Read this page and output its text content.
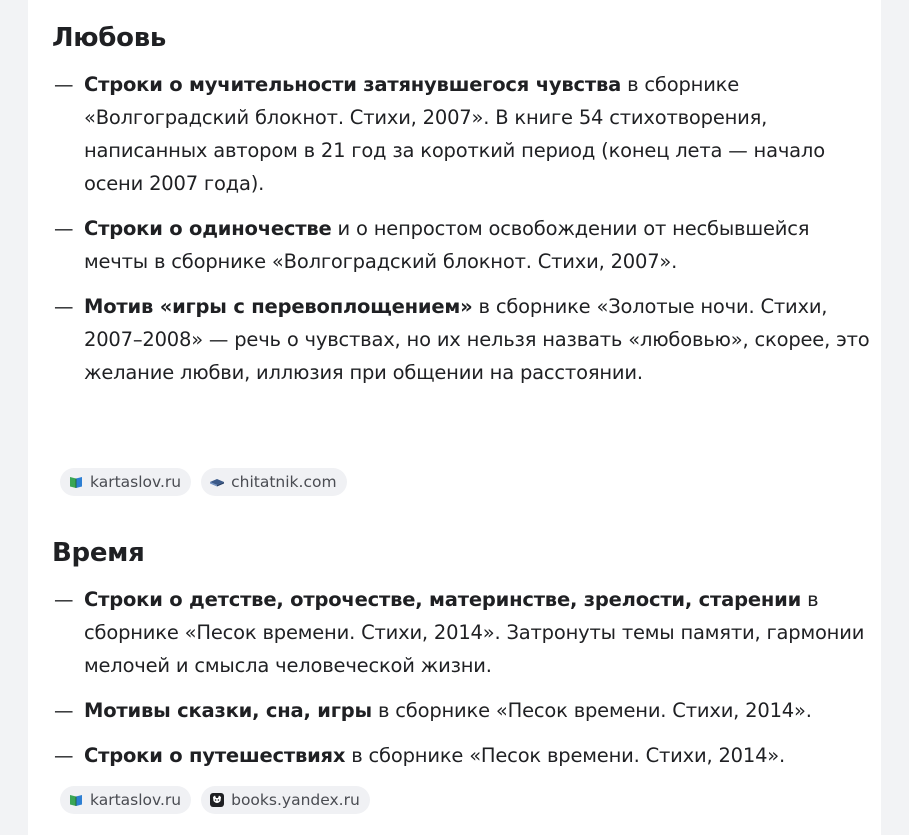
Любовь
— Строки о мучительности затянувшегося чувства в сборнике «Волгоградский блокнот. Стихи, 2007». В книге 54 стихотворения, написанных автором в 21 год за короткий период (конец лета — начало осени 2007 года).
— Строки о одиночестве и о непростом освобождении от несбывшейся мечты в сборнике «Волгоградский блокнот. Стихи, 2007».
— Мотив «игры с перевоплощением» в сборнике «Золотые ночи. Стихи, 2007–2008» — речь о чувствах, но их нельзя назвать «любовью», скорее, это желание любви, иллюзия при общении на расстоянии.
kartaslov.ru	chitatnik.com
Время
— Строки о детстве, отрочестве, материнстве, зрелости, старении в сборнике «Песок времени. Стихи, 2014». Затронуты темы памяти, гармонии мелочей и смысла человеческой жизни.
— Мотивы сказки, сна, игры в сборнике «Песок времени. Стихи, 2014».
— Строки о путешествиях в сборнике «Песок времени. Стихи, 2014».
kartaslov.ru	books.yandex.ru
